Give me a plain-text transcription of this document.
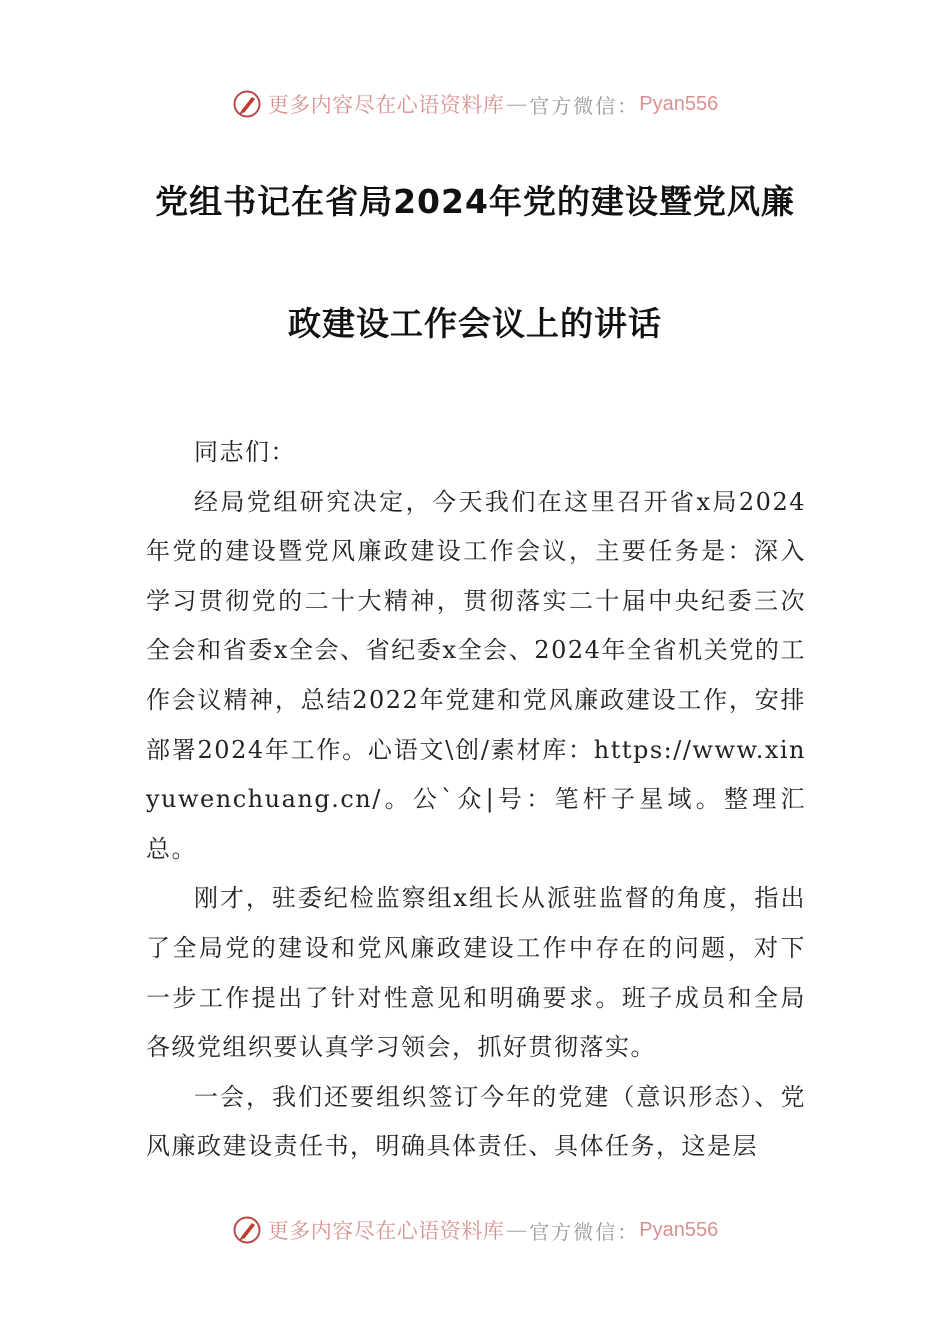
更多内容尽在心语资料库 — 官方微信： Pyan556
党组书记在省局2024年党的建设暨党风廉
政建设工作会议上的讲话

同志们：

经局党组研究决定，今天我们在这里召开省x局2024年党的建设暨党风廉政建设工作会议，主要任务是：深入学习贯彻党的二十大精神，贯彻落实二十届中央纪委三次全会和省委x全会、省纪委x全会、2024年全省机关党的工作会议精神，总结2022年党建和党风廉政建设工作，安排部署2024年工作。心语文\创/素材库：https://www.xinyuwenchuang.cn/。公`众|号：笔杆子星域。整理汇总。

刚才，驻委纪检监察组x组长从派驻监督的角度，指出了全局党的建设和党风廉政建设工作中存在的问题，对下一步工作提出了针对性意见和明确要求。班子成员和全局各级党组织要认真学习领会，抓好贯彻落实。

一会，我们还要组织签订今年的党建（意识形态）、党风廉政建设责任书，明确具体责任、具体任务，这是层

更多内容尽在心语资料库 — 官方微信： Pyan556
